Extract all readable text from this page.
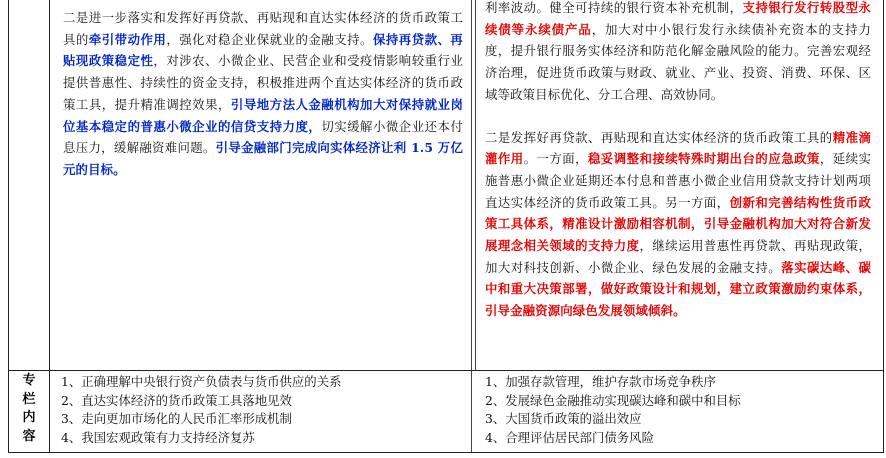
二是进一步落实和发挥好再贷款、再贴现和直达实体经济的货币政策工具的牵引带动作用，强化对稳企业保就业的金融支持。保持再贷款、再贴现政策稳定性，对涉农、小微企业、民营企业和受疫情影响较重行业提供普惠性、持续性的资金支持，积极推进两个直达实体经济的货币政策工具，提升精准调控效果，引导地方法人金融机构加大对保持就业岗位基本稳定的普惠小微企业的信贷支持力度，切实缓解小微企业还本付息压力，缓解融资难问题。引导金融部门完成向实体经济让利 1.5 万亿元的目标。

利率波动。健全可持续的银行资本补充机制，支持银行发行转股型永续债等永续债产品，加大对中小银行发行永续债补充资本的支持力度，提升银行服务实体经济和防范化解金融风险的能力。完善宏观经济治理，促进货币政策与财政、就业、产业、投资、消费、环保、区域等政策目标优化、分工合理、高效协同。

二是发挥好再贷款、再贴现和直达实体经济的货币政策工具的精准滴灌作用。一方面，稳妥调整和接续特殊时期出台的应急政策，延续实施普惠小微企业延期还本付息和普惠小微企业信用贷款支持计划两项直达实体经济的货币政策工具。另一方面，创新和完善结构性货币政策工具体系，精准设计激励相容机制，引导金融机构加大对符合新发展理念相关领域的支持力度，继续运用普惠性再贷款、再贴现政策，加大对科技创新、小微企业、绿色发展的金融支持。落实碳达峰、碳中和重大决策部署，做好政策设计和规划，建立政策激励约束体系，引导金融资源向绿色发展领域倾斜。

专
栏
内
容
1、正确理解中央银行资产负债表与货币供应的关系
2、直达实体经济的货币政策工具落地见效
3、走向更加市场化的人民币汇率形成机制
4、我国宏观政策有力支持经济复苏
1、加强存款管理，维护存款市场竞争秩序
2、发展绿色金融推动实现碳达峰和碳中和目标
3、大国货币政策的溢出效应
4、合理评估居民部门债务风险
